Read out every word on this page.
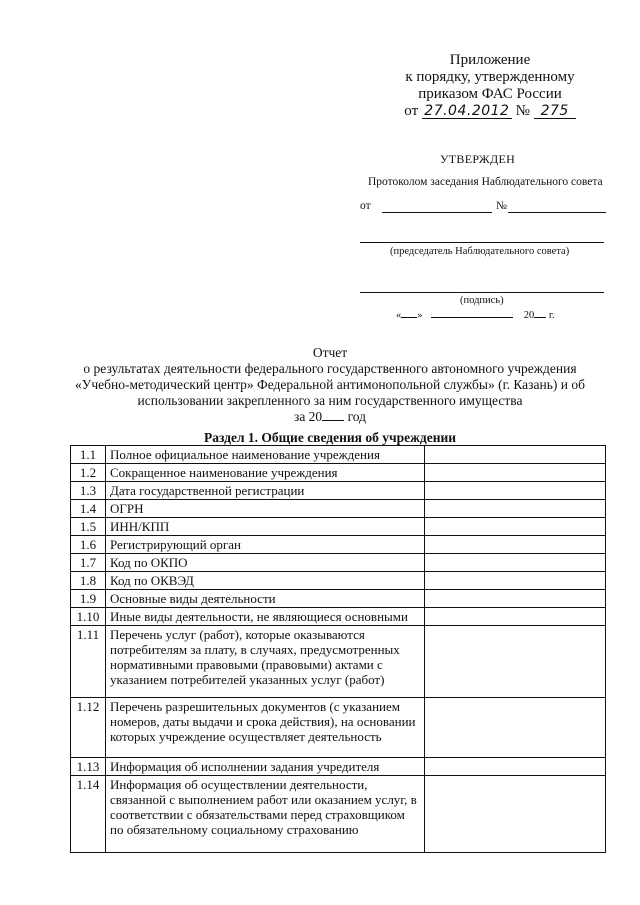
Приложение
к порядку, утвержденному
приказом ФАС России
от 27.04.2012 № 275
УТВЕРЖДЕН
Протоколом заседания Наблюдательного совета
от	№
(председатель Наблюдательного совета)
(подпись)
« »	20 г.
Отчет
о результатах деятельности федерального государственного автономного учреждения
«Учебно-методический центр» Федеральной антимонопольной службы» (г. Казань) и об
использовании закрепленного за ним государственного имущества
за 20 год
Раздел 1. Общие сведения об учреждении
1.1	Полное официальное наименование учреждения	
1.2	Сокращенное наименование учреждения	
1.3	Дата государственной регистрации	
1.4	ОГРН	
1.5	ИНН/КПП	
1.6	Регистрирующий орган	
1.7	Код по ОКПО	
1.8	Код по ОКВЭД	
1.9	Основные виды деятельности	
1.10	Иные виды деятельности, не являющиеся основными	
1.11	Перечень услуг (работ), которые оказываются потребителям за плату, в случаях, предусмотренных нормативными правовыми (правовыми) актами с указанием потребителей указанных услуг (работ)	
1.12	Перечень разрешительных документов (с указанием номеров, даты выдачи и срока действия), на основании которых учреждение осуществляет деятельность	
1.13	Информация об исполнении задания учредителя	
1.14	Информация об осуществлении деятельности, связанной с выполнением работ или оказанием услуг, в соответствии с обязательствами перед страховщиком по обязательному социальному страхованию	
